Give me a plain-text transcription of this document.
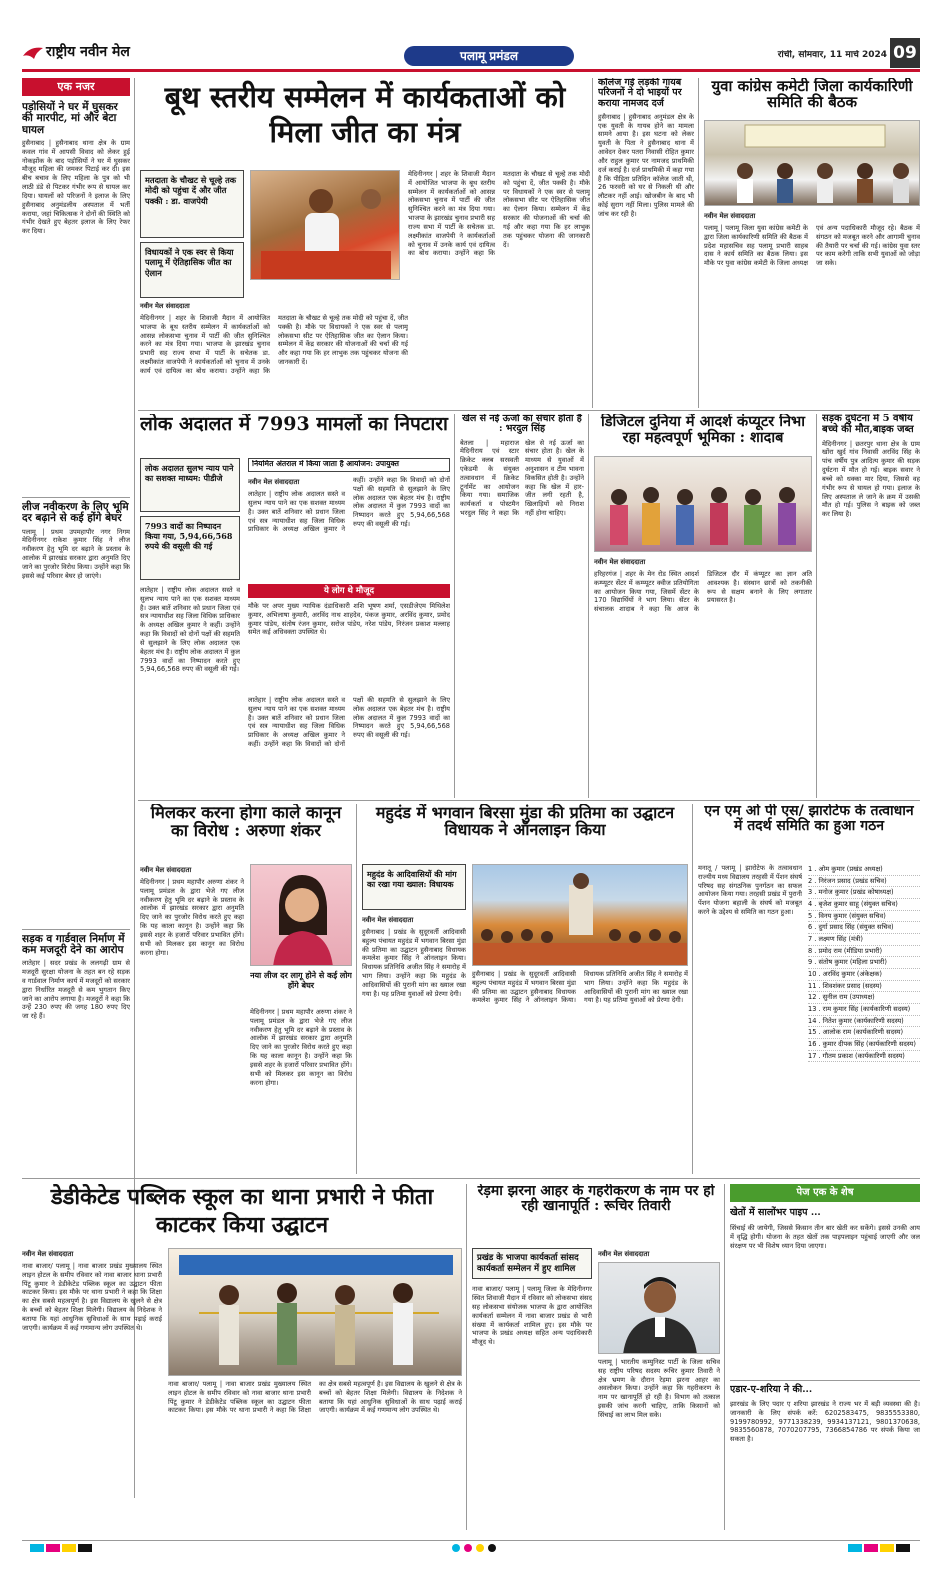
राष्ट्रीय नवीन मेल	पलामू प्रमंडल	रांची, सोमवार, 11 मार्च 2024 09
एक नजर
पड़ोसियों ने घर में घुसकर की मारपीट, मां और बेटा घायल
हुसैनाबाद | हुसैनाबाद थाना क्षेत्र के ग्राम कवल गांव में आपसी विवाद को लेकर हुई नोकझोंक के बाद पड़ोसियों ने घर में घुसकर मौजूद महिला की जमकर पिटाई कर दी। इस बीच बचाव के लिए महिला के पुत्र को भी लाठी डंडे से पिटकर गंभीर रूप से घायल कर दिया। घायलों को परिजनों ने इलाज के लिए हुसैनाबाद अनुमंडलीय अस्पताल में भर्ती कराया, जहां चिकित्सक ने दोनों की स्थिति को गंभीर देखते हुए बेहतर इलाज के लिए रेफर कर दिया।
लीज नवीकरण के लिए भूमि दर बढ़ाने से कई होंगे बेघर
पलामू | प्रथम उपमहापौर नगर निगम मेदिनीनगर राकेश कुमार सिंह ने लीज नवीकरण हेतु भूमि दर बढ़ाने के प्रस्ताव के आलोक में झारखंड सरकार द्वारा अनुमति दिए जाने का पुरजोर विरोध किया। उन्होंने कहा कि इससे कई परिवार बेघर हो जाएंगे।
सड़क व गार्डवाल निर्माण में कम मजदूरी देने का आरोप
लातेहार | सदर प्रखंड के ललगढ़ी ग्राम से मजदूरी सुरक्षा योजना के तहत बन रहे सड़क व गार्डवाल निर्माण कार्य में मजदूरों को सरकार द्वारा निर्धारित मजदूरी से कम भुगतान किए जाने का आरोप लगाया है। मजदूरों ने कहा कि उन्हें 230 रुपए की जगह 180 रुपए दिए जा रहे हैं।
बूथ स्तरीय सम्मेलन में कार्यकताओं को मिला जीत का मंत्र
मतदाता के चौखट से चूल्हे तक मोदी को पहुंचा दें और जीत पक्की : डा. वाजपेयी
विधायकों ने एक स्वर से किया पलामू में ऐतिहासिक जीत का ऐलान
नवीन मेल संवाददाता
मेदिनीनगर | शहर के शिवाजी मैदान में आयोजित भाजपा के बूथ स्तरीय सम्मेलन में कार्यकर्ताओं को आसन्न लोकसभा चुनाव में पार्टी की जीत सुनिश्चित करने का मंत्र दिया गया। भाजपा के झारखंड चुनाव प्रभारी सह राज्य सभा में पार्टी के सचेतक डा. लक्ष्मीकांत वाजपेयी ने कार्यकर्ताओं को चुनाव में उनके कार्य एवं दायित्व का बोध कराया। उन्होंने कहा कि मतदाता के चौखट से चूल्हे तक मोदी को पहुंचा दें, जीत पक्की है। मौके पर विधायकों ने एक स्वर से पलामू लोकसभा सीट पर ऐतिहासिक जीत का ऐलान किया। सम्मेलन में केंद्र सरकार की योजनाओं की चर्चा की गई और कहा गया कि हर लाभुक तक पहुंचकर योजना की जानकारी दें।
मेदिनीनगर | शहर के शिवाजी मैदान में आयोजित भाजपा के बूथ स्तरीय सम्मेलन में कार्यकर्ताओं को आसन्न लोकसभा चुनाव में पार्टी की जीत सुनिश्चित करने का मंत्र दिया गया। भाजपा के झारखंड चुनाव प्रभारी सह राज्य सभा में पार्टी के सचेतक डा. लक्ष्मीकांत वाजपेयी ने कार्यकर्ताओं को चुनाव में उनके कार्य एवं दायित्व का बोध कराया। उन्होंने कहा कि मतदाता के चौखट से चूल्हे तक मोदी को पहुंचा दें, जीत पक्की है। मौके पर विधायकों ने एक स्वर से पलामू लोकसभा सीट पर ऐतिहासिक जीत का ऐलान किया। सम्मेलन में केंद्र सरकार की योजनाओं की चर्चा की गई और कहा गया कि हर लाभुक तक पहुंचकर योजना की जानकारी दें।
कॉलेज गई लड़की गायब परिजनों ने दो भाइयों पर कराया नामजद दर्ज
हुसैनाबाद | हुसैनाबाद अनुमंडल क्षेत्र के एक युवती के गायब होने का मामला सामने आया है। इस घटना को लेकर युवती के पिता ने हुसैनाबाद थाना में आवेदन देकर पतरा निवासी रोहित कुमार और राहुल कुमार पर नामजद प्राथमिकी दर्ज कराई है। दर्ज प्राथमिकी में कहा गया है कि पीड़िता प्रतिदिन कॉलेज जाती थी, 26 फरवरी को घर से निकली थी और लौटकर नहीं आई। खोजबीन के बाद भी कोई सुराग नहीं मिला। पुलिस मामले की जांच कर रही है।
युवा कांग्रेस कमेटी जिला कार्यकारिणी समिति की बैठक
नवीन मेल संवाददाता
पलामू | पलामू जिला युवा कांग्रेस कमेटी के द्वारा जिला कार्यकारिणी समिति की बैठक में प्रदेश महासचिव सह पलामू प्रभारी साहब दास ने कार्य समिति का बैठक लिया। इस मौके पर युवा कांग्रेस कमेटी के जिला अध्यक्ष एवं अन्य पदाधिकारी मौजूद रहे। बैठक में संगठन को मजबूत करने और आगामी चुनाव की तैयारी पर चर्चा की गई। कांग्रेस युवा स्तर पर काम करेगी ताकि सभी युवाओं को जोड़ा जा सके।
लोक अदालत में 7993 मामलों का निपटारा
लोक अदालत सुलभ न्याय पाने का सशक्त माध्यम: पीडीजे
7993 वादों का निष्पादन किया गया, 5,94,66,568 रुपये की वसूली की गई
नियमित अंतराल में किया जाता है आयोजन: उपायुक्त
नवीन मेल संवाददाता
लातेहार | राष्ट्रीय लोक अदालत सस्ते व सुलभ न्याय पाने का एक सशक्त माध्यम है। उक्त बातें शनिवार को प्रधान जिला एवं सत्र न्यायाधीश सह जिला विधिक प्राधिकार के अध्यक्ष अखिल कुमार ने कहीं। उन्होंने कहा कि विवादों को दोनों पक्षों की सहमति से सुलझाने के लिए लोक अदालत एक बेहतर मंच है। राष्ट्रीय लोक अदालत में कुल 7993 वादों का निष्पादन करते हुए 5,94,66,568 रुपए की वसूली की गई।
लातेहार | राष्ट्रीय लोक अदालत सस्ते व सुलभ न्याय पाने का एक सशक्त माध्यम है। उक्त बातें शनिवार को प्रधान जिला एवं सत्र न्यायाधीश सह जिला विधिक प्राधिकार के अध्यक्ष अखिल कुमार ने कहीं। उन्होंने कहा कि विवादों को दोनों पक्षों की सहमति से सुलझाने के लिए लोक अदालत एक बेहतर मंच है। राष्ट्रीय लोक अदालत में कुल 7993 वादों का निष्पादन करते हुए 5,94,66,568 रुपए की वसूली की गई।
ये लोग थे मौजूद
मौके पर अपर मुख्य न्यायिक दंडाधिकारी शशि भूषण शर्मा, एसडीजेएम मिथिलेश कुमार, अभिलाषा कुमारी, अरविंद नाथ शाहदेव, पंकज कुमार, अरविंद कुमार, प्रमोद कुमार पांडेय, संतोष रंजन कुमार, सरोज पांडेय, नरेश पांडेय, निरंजन प्रकाश मल्लाह समेत कई अधिवक्ता उपस्थित थे।
लातेहार | राष्ट्रीय लोक अदालत सस्ते व सुलभ न्याय पाने का एक सशक्त माध्यम है। उक्त बातें शनिवार को प्रधान जिला एवं सत्र न्यायाधीश सह जिला विधिक प्राधिकार के अध्यक्ष अखिल कुमार ने कहीं। उन्होंने कहा कि विवादों को दोनों पक्षों की सहमति से सुलझाने के लिए लोक अदालत एक बेहतर मंच है। राष्ट्रीय लोक अदालत में कुल 7993 वादों का निष्पादन करते हुए 5,94,66,568 रुपए की वसूली की गई।
खेल से नई ऊर्जा का संचार होता है : भरदुल सिंह
बेतला | महाराज मेदिनीराय एवं स्टार क्रिकेट क्लब सरस्वती एकेडमी के संयुक्त तत्वावधान में क्रिकेट टूर्नामेंट का आयोजन किया गया। समाजिक कार्यकर्ता व पोस्टमैन भरदुल सिंह ने कहा कि खेल से नई ऊर्जा का संचार होता है। खेल के माध्यम से युवाओं में अनुशासन व टीम भावना विकसित होती है। उन्होंने कहा कि खेल में हार-जीत लगी रहती है, खिलाड़ियों को निराश नहीं होना चाहिए।
डिजिटल दुनिया में आदर्श कंप्यूटर निभा रहा महत्वपूर्ण भूमिका : शादाब
नवीन मेल संवाददाता
हरिहरगंज | शहर के मेन रोड स्थित आदर्श कम्प्यूटर सेंटर में कम्प्यूटर क्वीज प्रतियोगिता का आयोजन किया गया, जिसमें सेंटर के 170 विद्यार्थियों ने भाग लिया। सेंटर के संचालक शादाब ने कहा कि आज के डिजिटल दौर में कंप्यूटर का ज्ञान अति आवश्यक है। संस्थान छात्रों को तकनीकी रूप से सक्षम बनाने के लिए लगातार प्रयासरत है।
सड़क दुर्घटना में 5 वर्षीय बच्चे की मौत,बाइक जब्त
मेदिनीनगर | छतरपुर थाना क्षेत्र के ग्राम खोंरा खुर्द गांव निवासी अरविंद सिंह के पांच वर्षीय पुत्र आदित्य कुमार की सड़क दुर्घटना में मौत हो गई। बाइक सवार ने बच्चे को धक्का मार दिया, जिससे वह गंभीर रूप से घायल हो गया। इलाज के लिए अस्पताल ले जाने के क्रम में उसकी मौत हो गई। पुलिस ने बाइक को जब्त कर लिया है।
मिलकर करना होगा काले कानून का विरोध : अरुणा शंकर
नवीन मेल संवाददाता
मेदिनीनगर | प्रथम महापौर अरुणा शंकर ने पलामू प्रमंडल के द्वारा भेजे गए लीज नवीकरण हेतु भूमि दर बढ़ाने के प्रस्ताव के आलोक में झारखंड सरकार द्वारा अनुमति दिए जाने का पुरजोर विरोध करते हुए कहा कि यह काला कानून है। उन्होंने कहा कि इससे शहर के हजारों परिवार प्रभावित होंगे। सभी को मिलकर इस कानून का विरोध करना होगा।
नया लीज दर लागू होने से कई लोग होंगे बेघर
मेदिनीनगर | प्रथम महापौर अरुणा शंकर ने पलामू प्रमंडल के द्वारा भेजे गए लीज नवीकरण हेतु भूमि दर बढ़ाने के प्रस्ताव के आलोक में झारखंड सरकार द्वारा अनुमति दिए जाने का पुरजोर विरोध करते हुए कहा कि यह काला कानून है। उन्होंने कहा कि इससे शहर के हजारों परिवार प्रभावित होंगे। सभी को मिलकर इस कानून का विरोध करना होगा।
महुदंड में भगवान बिरसा मुंडा की प्रतिमा का उद्घाटन विधायक ने ऑनलाइन किया
महुदंड के आदिवासियों की मांग का रखा गया ख्याल: विधायक
नवीन मेल संवाददाता
हुसैनाबाद | प्रखंड के सुदूरवर्ती आदिवासी बहुल्य पंचायत महुदंड में भगवान बिरसा मुंडा की प्रतिमा का उद्घाटन हुसैनाबाद विधायक कमलेश कुमार सिंह ने ऑनलाइन किया। विधायक प्रतिनिधि अजीत सिंह ने समारोह में भाग लिया। उन्होंने कहा कि महुदंड के आदिवासियों की पुरानी मांग का ख्याल रखा गया है। यह प्रतिमा युवाओं को प्रेरणा देगी।
हुसैनाबाद | प्रखंड के सुदूरवर्ती आदिवासी बहुल्य पंचायत महुदंड में भगवान बिरसा मुंडा की प्रतिमा का उद्घाटन हुसैनाबाद विधायक कमलेश कुमार सिंह ने ऑनलाइन किया। विधायक प्रतिनिधि अजीत सिंह ने समारोह में भाग लिया। उन्होंने कहा कि महुदंड के आदिवासियों की पुरानी मांग का ख्याल रखा गया है। यह प्रतिमा युवाओं को प्रेरणा देगी।
एन एम ओ पी एस/ झारोटेफ के तत्वाधान में तदर्थ समिति का हुआ गठन
मनातू / पलामू | झारोटेफ के तत्वावधान राज्यीय मध्य विद्यालय तरहसी में पेंशन संघर्ष परिषद सह संगठनिक पुनर्गठन का सफल आयोजन किया गया। तरहसी प्रखंड में पुरानी पेंशन योजना बहाली के संघर्ष को मजबूत करने के उद्देश्य से समिति का गठन हुआ।
1 . ओम कुमार (प्रखंड अध्यक्ष)
2 . निरंजन प्रसाद (प्रखंड सचिव)
3 . मनोज कुमार (प्रखंड कोषाध्यक्ष)
4 . बृजेश कुमार साहू (संयुक्त सचिव)
5 . विनय कुमार (संयुक्त सचिव)
6 . दुर्गा प्रसाद सिंह (संयुक्त सचिव)
7 . लक्ष्मण सिंह (मंत्री)
8 . प्रमोद राम (मीडिया प्रभारी)
9 . संतोष कुमार (महिला प्रभारी)
10 . अरविंद कुमार (अंकेक्षक)
11 . शिवशंकर प्रसाद (सदस्य)
12 . सुनील राम (उपाध्यक्ष)
13 . राम कुमार सिंह (कार्यकारिणी सदस्य)
14 . नितेश कुमार (कार्यकारिणी सदस्य)
15 . आलोक राम (कार्यकारिणी सदस्य)
16 . कुमार दीपक सिंह (कार्यकारिणी सदस्य)
17 . गौतम प्रकाश (कार्यकारिणी सदस्य)
डेडीकेटेड पब्लिक स्कूल का थाना प्रभारी ने फीता काटकर किया उद्घाटन
नवीन मेल संवाददाता
नावा बाजार/ पलामू | नावा बाजार प्रखंड मुख्यालय स्थित लाइन होटल के समीप रविवार को नावा बाजार थाना प्रभारी पिंटू कुमार ने डेडीकेटेड पब्लिक स्कूल का उद्घाटन फीता काटकर किया। इस मौके पर थाना प्रभारी ने कहा कि शिक्षा का क्षेत्र सबसे महत्वपूर्ण है। इस विद्यालय के खुलने से क्षेत्र के बच्चों को बेहतर शिक्षा मिलेगी। विद्यालय के निदेशक ने बताया कि यहां आधुनिक सुविधाओं के साथ पढ़ाई कराई जाएगी। कार्यक्रम में कई गणमान्य लोग उपस्थित थे।
नावा बाजार/ पलामू | नावा बाजार प्रखंड मुख्यालय स्थित लाइन होटल के समीप रविवार को नावा बाजार थाना प्रभारी पिंटू कुमार ने डेडीकेटेड पब्लिक स्कूल का उद्घाटन फीता काटकर किया। इस मौके पर थाना प्रभारी ने कहा कि शिक्षा का क्षेत्र सबसे महत्वपूर्ण है। इस विद्यालय के खुलने से क्षेत्र के बच्चों को बेहतर शिक्षा मिलेगी। विद्यालय के निदेशक ने बताया कि यहां आधुनिक सुविधाओं के साथ पढ़ाई कराई जाएगी। कार्यक्रम में कई गणमान्य लोग उपस्थित थे।
प्रखंड के भाजपा कार्यकर्ता सांसद कार्यकर्ता सम्मेलन में हुए शामिल
नावा बाजार/ पलामू | पलामू जिला के मेदिनीनगर स्थित शिवाजी मैदान में रविवार को लोकसभा संसद सह लोकसभा संयोजक भाजपा के द्वारा आयोजित कार्यकर्ता सम्मेलन में नावा बाजार प्रखंड से भारी संख्या में कार्यकर्ता शामिल हुए। इस मौके पर भाजपा के प्रखंड अध्यक्ष सहित अन्य पदाधिकारी मौजूद थे।
रेड़मा झरना आहर के गहरीकरण के नाम पर हो रही खानापूर्ति : रूचिर तिवारी
नवीन मेल संवाददाता
पलामू | भारतीय कम्युनिस्ट पार्टी के जिला सचिव सह राष्ट्रीय परिषद सदस्य रूचिर कुमार तिवारी ने क्षेत्र भ्रमण के दौरान रेड़मा झरना आहर का अवलोकन किया। उन्होंने कहा कि गहरीकरण के नाम पर खानापूर्ति हो रही है। विभाग को तत्काल इसकी जांच करनी चाहिए, ताकि किसानों को सिंचाई का लाभ मिल सके।
पेज एक के शेष
खेतों में सालोंभर पाइप ...
सिंचाई की जायेगी, जिससे किसान तीन बार खेती कर सकेंगे। इससे उनकी आय में वृद्धि होगी। योजना के तहत खेतों तक पाइपलाइन पहुंचाई जाएगी और जल संरक्षण पर भी विशेष ध्यान दिया जाएगा।
एडार-ए-शरिया ने की...
झारखंड के लिए पदार ए शरिया झारखंड ने राज्य भर में बड़ी व्यवस्था की है। जानकारी के लिए संपर्क करें: 6202583475, 9835553380, 9199780992, 9771338239, 9934137121, 9801370638, 9835560878, 7070207795, 7366854786 पर संपर्क किया जा सकता है।
